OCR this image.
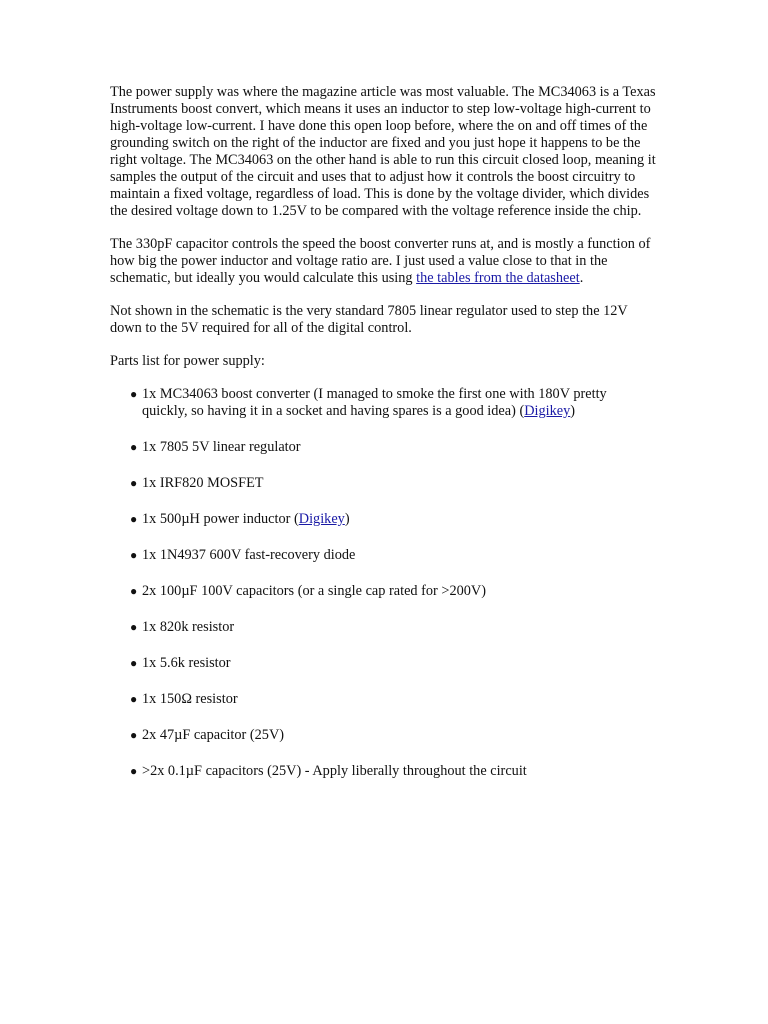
The power supply was where the magazine article was most valuable. The MC34063 is a Texas Instruments boost convert, which means it uses an inductor to step low-voltage high-current to high-voltage low-current. I have done this open loop before, where the on and off times of the grounding switch on the right of the inductor are fixed and you just hope it happens to be the right voltage. The MC34063 on the other hand is able to run this circuit closed loop, meaning it samples the output of the circuit and uses that to adjust how it controls the boost circuitry to maintain a fixed voltage, regardless of load. This is done by the voltage divider, which divides the desired voltage down to 1.25V to be compared with the voltage reference inside the chip.

The 330pF capacitor controls the speed the boost converter runs at, and is mostly a function of how big the power inductor and voltage ratio are. I just used a value close to that in the schematic, but ideally you would calculate this using the tables from the datasheet.

Not shown in the schematic is the very standard 7805 linear regulator used to step the 12V down to the 5V required for all of the digital control.

Parts list for power supply:

● 1x MC34063 boost converter (I managed to smoke the first one with 180V pretty quickly, so having it in a socket and having spares is a good idea) (Digikey)
● 1x 7805 5V linear regulator
● 1x IRF820 MOSFET
● 1x 500µH power inductor (Digikey)
● 1x 1N4937 600V fast-recovery diode
● 2x 100µF 100V capacitors (or a single cap rated for >200V)
● 1x 820k resistor
● 1x 5.6k resistor
● 1x 150Ω resistor
● 2x 47µF capacitor (25V)
● >2x 0.1µF capacitors (25V) - Apply liberally throughout the circuit
